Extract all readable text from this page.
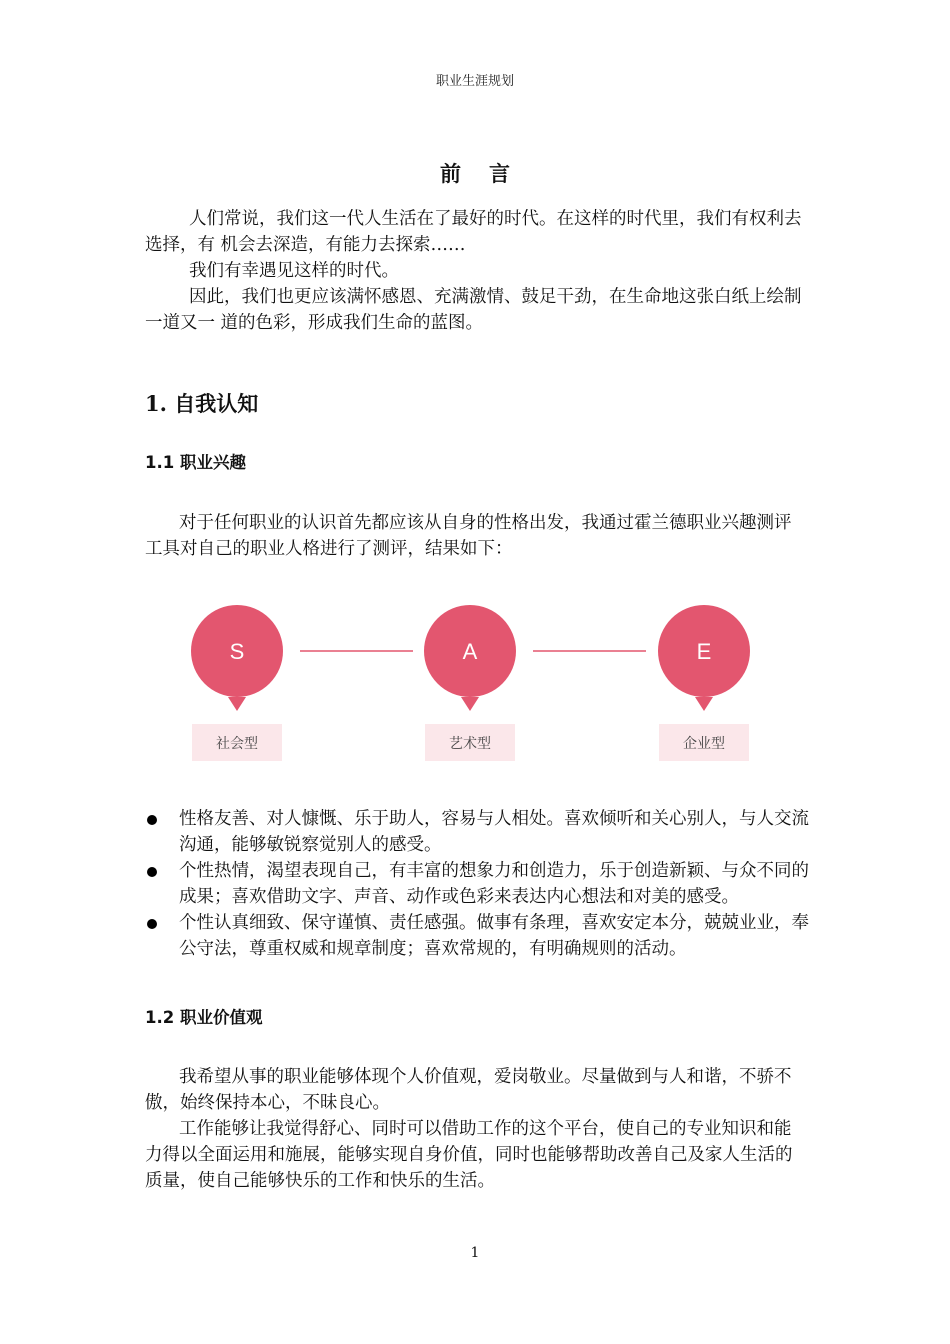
职业生涯规划
前言
人们常说，我们这一代人生活在了最好的时代。在这样的时代里，我们有权利去选择，有 机会去深造，有能力去探索……
我们有幸遇见这样的时代。
因此，我们也更应该满怀感恩、充满激情、鼓足干劲，在生命地这张白纸上绘制一道又一 道的色彩，形成我们生命的蓝图。
1. 自我认知
1.1 职业兴趣
对于任何职业的认识首先都应该从自身的性格出发，我通过霍兰德职业兴趣测评工具对自己的职业人格进行了测评，结果如下：
S
社会型
A
艺术型
E
企业型
性格友善、对人慷慨、乐于助人，容易与人相处。喜欢倾听和关心别人，与人交流沟通，能够敏锐察觉别人的感受。
个性热情，渴望表现自己，有丰富的想象力和创造力，乐于创造新颖、与众不同的成果；喜欢借助文字、声音、动作或色彩来表达内心想法和对美的感受。
个性认真细致、保守谨慎、责任感强。做事有条理，喜欢安定本分，兢兢业业，奉公守法，尊重权威和规章制度；喜欢常规的，有明确规则的活动。
1.2 职业价值观
我希望从事的职业能够体现个人价值观，爱岗敬业。尽量做到与人和谐，不骄不傲，始终保持本心，不昧良心。
工作能够让我觉得舒心、同时可以借助工作的这个平台，使自己的专业知识和能力得以全面运用和施展，能够实现自身价值，同时也能够帮助改善自己及家人生活的质量，使自己能够快乐的工作和快乐的生活。
1
